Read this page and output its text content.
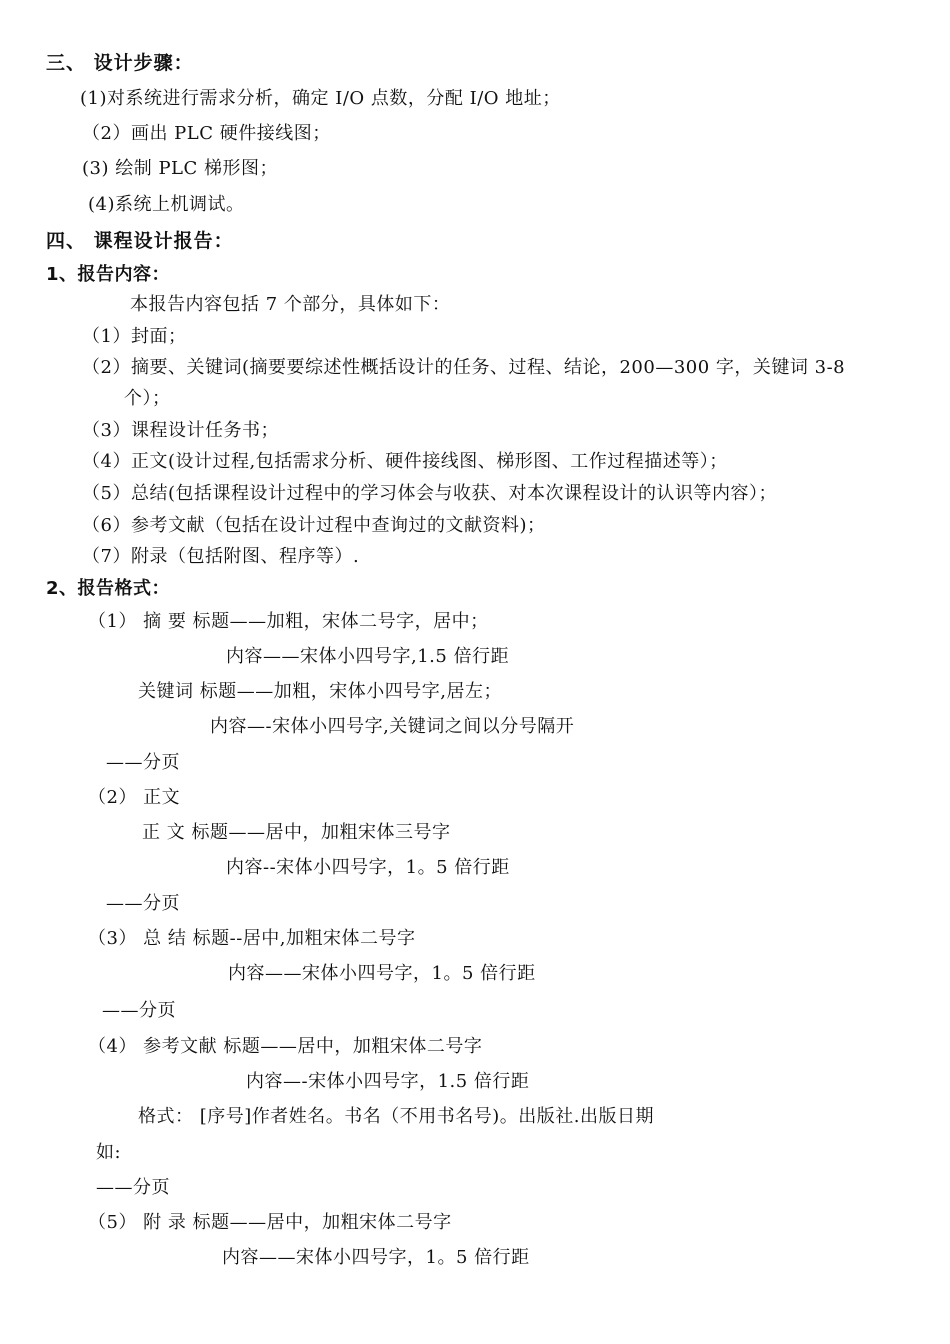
三、 设计步骤：
(1)对系统进行需求分析，确定 I/O 点数，分配 I/O 地址；
（2）画出 PLC 硬件接线图；
(3) 绘制 PLC 梯形图；
(4)系统上机调试。
四、 课程设计报告：
1、报告内容：
本报告内容包括 7 个部分，具体如下：
（1）封面；
（2）摘要、关键词(摘要要综述性概括设计的任务、过程、结论，200—300 字，关键词 3-8
个）；
（3）课程设计任务书；
（4）正文(设计过程,包括需求分析、硬件接线图、梯形图、工作过程描述等）；
（5）总结(包括课程设计过程中的学习体会与收获、对本次课程设计的认识等内容）；
（6）参考文献（包括在设计过程中查询过的文献资料)；
（7）附录（包括附图、程序等）.
2、报告格式：
（1） 摘 要 标题——加粗，宋体二号字，居中；
内容——宋体小四号字,1.5 倍行距
关键词 标题——加粗，宋体小四号字,居左；
内容—-宋体小四号字,关键词之间以分号隔开
——分页
（2） 正文
正 文 标题——居中，加粗宋体三号字
内容--宋体小四号字，1。5 倍行距
——分页
（3） 总 结 标题--居中,加粗宋体二号字
内容——宋体小四号字，1。5 倍行距
——分页
（4） 参考文献 标题——居中，加粗宋体二号字
内容—-宋体小四号字，1.5 倍行距
格式： [序号]作者姓名。书名（不用书名号)。出版社.出版日期
如:
——分页
（5） 附 录 标题——居中，加粗宋体二号字
内容——宋体小四号字，1。5 倍行距
